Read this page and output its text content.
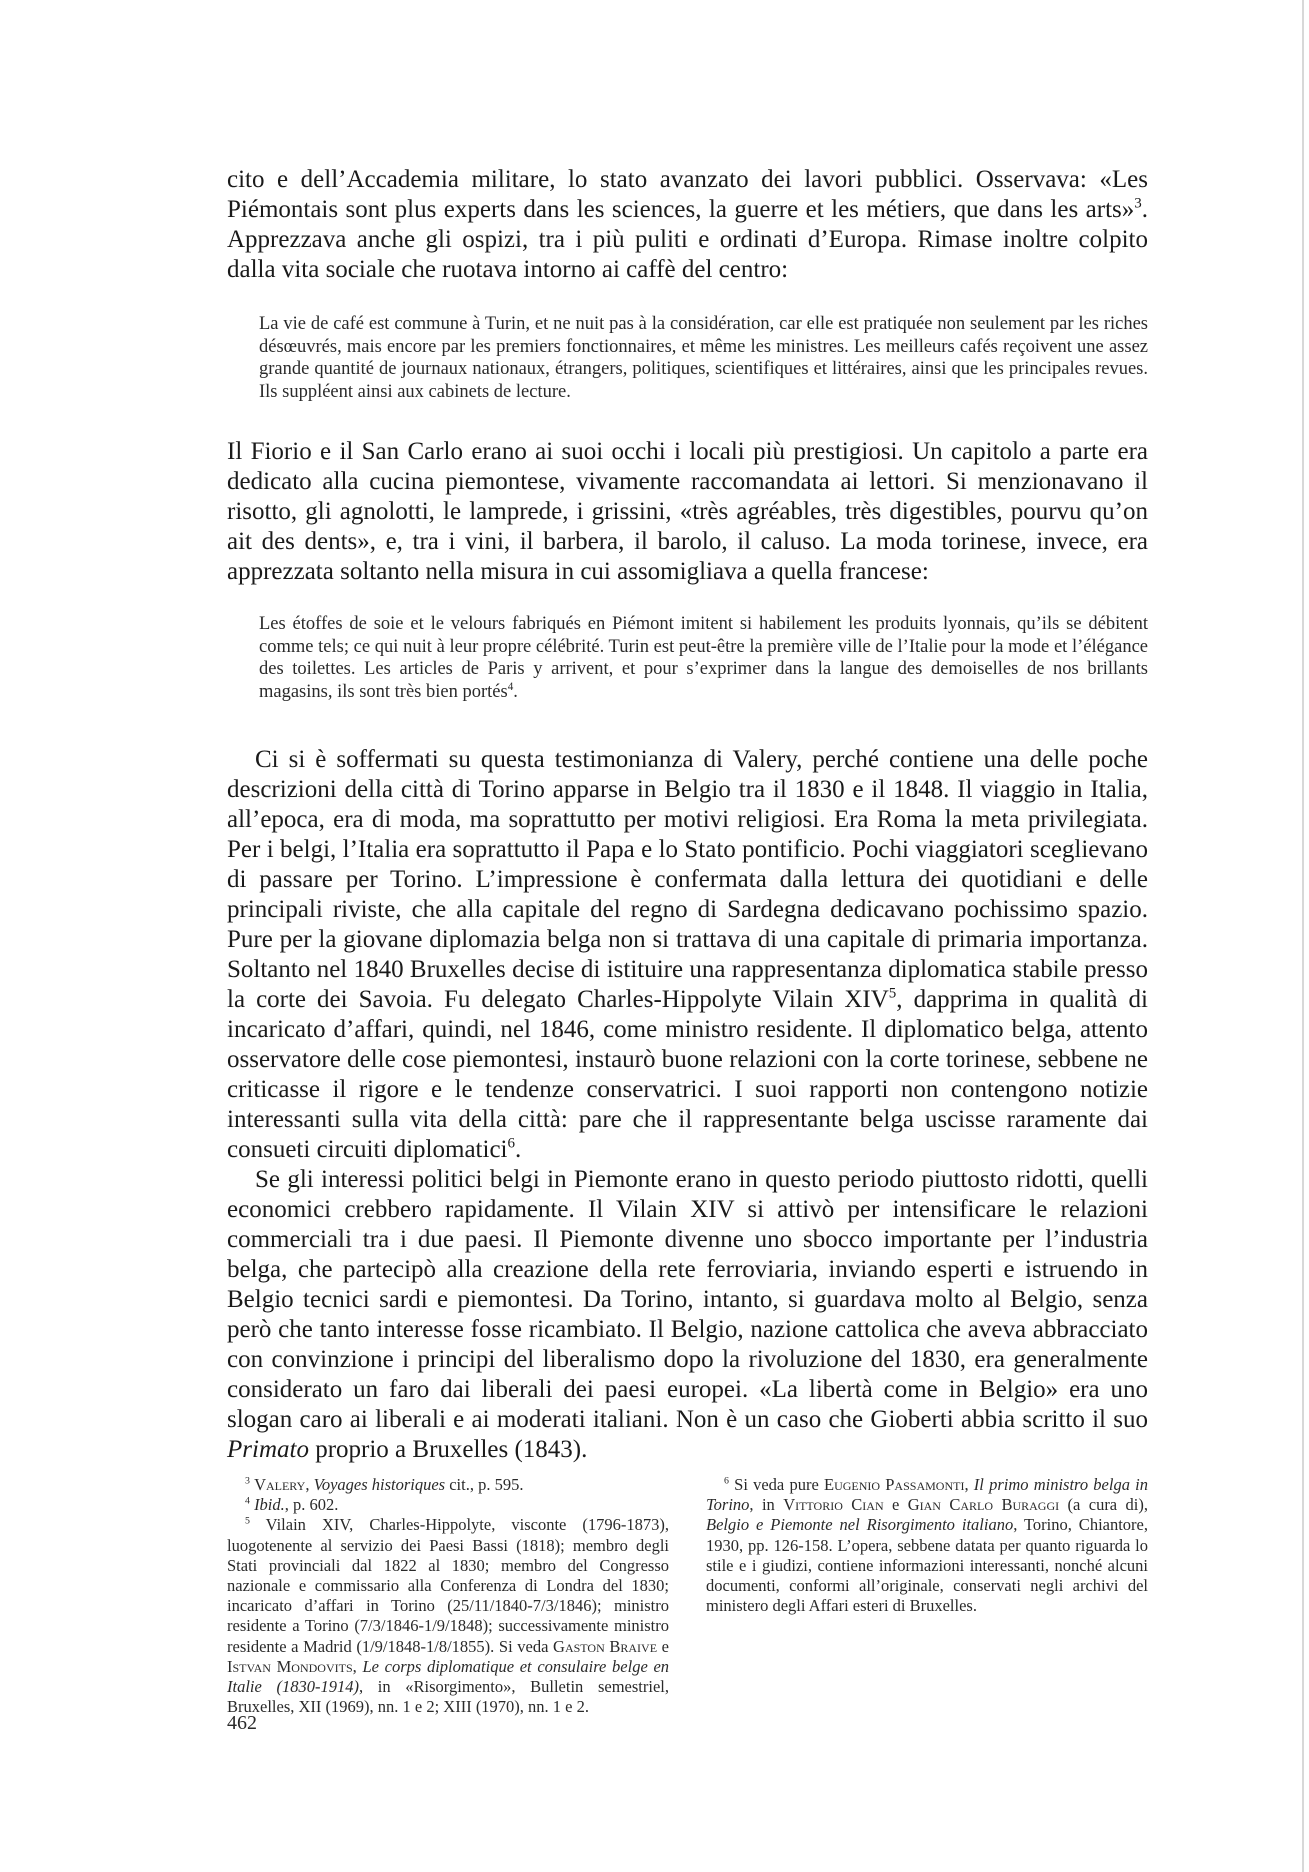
cito e dell’Accademia militare, lo stato avanzato dei lavori pubblici. Osservava: «Les Piémontais sont plus experts dans les sciences, la guerre et les métiers, que dans les arts»$^3$. Apprezzava anche gli ospizi, tra i più puliti e ordinati d’Europa. Rimase inoltre colpito dalla vita sociale che ruotava intorno ai caffè del centro:

La vie de café est commune à Turin, et ne nuit pas à la considération, car elle est pratiquée non seulement par les riches désœuvrés, mais encore par les premiers fonctionnaires, et même les ministres. Les meilleurs cafés reçoivent une assez grande quantité de journaux nationaux, étrangers, politiques, scientifiques et littéraires, ainsi que les principales revues. Ils suppléent ainsi aux cabinets de lecture.

Il Fiorio e il San Carlo erano ai suoi occhi i locali più prestigiosi. Un capitolo a parte era dedicato alla cucina piemontese, vivamente raccomandata ai lettori. Si menzionavano il risotto, gli agnolotti, le lamprede, i grissini, «très agréables, très digestibles, pourvu qu’on ait des dents», e, tra i vini, il barbera, il barolo, il caluso. La moda torinese, invece, era apprezzata soltanto nella misura in cui assomigliava a quella francese:

Les étoffes de soie et le velours fabriqués en Piémont imitent si habilement les produits lyonnais, qu’ils se débitent comme tels; ce qui nuit à leur propre célébrité. Turin est peut-être la première ville de l’Italie pour la mode et l’élégance des toilettes. Les articles de Paris y arrivent, et pour s’exprimer dans la langue des demoiselles de nos brillants magasins, ils sont très bien portés$^4$.

Ci si è soffermati su questa testimonianza di Valery, perché contiene una delle poche descrizioni della città di Torino apparse in Belgio tra il 1830 e il 1848. Il viaggio in Italia, all’epoca, era di moda, ma soprattutto per motivi religiosi. Era Roma la meta privilegiata. Per i belgi, l’Italia era soprattutto il Papa e lo Stato pontificio. Pochi viaggiatori sceglievano di passare per Torino. L’impressione è confermata dalla lettura dei quotidiani e delle principali riviste, che alla capitale del regno di Sardegna dedicavano pochissimo spazio. Pure per la giovane diplomazia belga non si trattava di una capitale di primaria importanza. Soltanto nel 1840 Bruxelles decise di istituire una rappresentanza diplomatica stabile presso la corte dei Savoia. Fu delegato Charles-Hippolyte Vilain XIV$^5$, dapprima in qualità di incaricato d’affari, quindi, nel 1846, come ministro residente. Il diplomatico belga, attento osservatore delle cose piemontesi, instaurò buone relazioni con la corte torinese, sebbene ne criticasse il rigore e le tendenze conservatrici. I suoi rapporti non contengono notizie interessanti sulla vita della città: pare che il rappresentante belga uscisse raramente dai consueti circuiti diplomatici$^6$.

Se gli interessi politici belgi in Piemonte erano in questo periodo piuttosto ridotti, quelli economici crebbero rapidamente. Il Vilain XIV si attivò per intensificare le relazioni commerciali tra i due paesi. Il Piemonte divenne uno sbocco importante per l’industria belga, che partecipò alla creazione della rete ferroviaria, inviando esperti e istruendo in Belgio tecnici sardi e piemontesi. Da Torino, intanto, si guardava molto al Belgio, senza però che tanto interesse fosse ricambiato. Il Belgio, nazione cattolica che aveva abbracciato con convinzione i principi del liberalismo dopo la rivoluzione del 1830, era generalmente considerato un faro dai liberali dei paesi europei. «La libertà come in Belgio» era uno slogan caro ai liberali e ai moderati italiani. Non è un caso che Gioberti abbia scritto il suo Primato proprio a Bruxelles (1843).

$^3$ Valery, Voyages historiques cit., p. 595.

$^4$ Ibid., p. 602.

$^5$ Vilain XIV, Charles-Hippolyte, visconte (1796-1873), luogotenente al servizio dei Paesi Bassi (1818); membro degli Stati provinciali dal 1822 al 1830; membro del Congresso nazionale e commissario alla Conferenza di Londra del 1830; incaricato d’affari in Torino (25/11/1840-7/3/1846); ministro residente a Torino (7/3/1846-1/9/1848); successivamente ministro residente a Madrid (1/9/1848-1/8/1855). Si veda Gaston Braive e Istvan Mondovits, Le corps diplomatique et consulaire belge en Italie (1830-1914), in «Risorgimento», Bulletin semestriel, Bruxelles, XII (1969), nn. 1 e 2; XIII (1970), nn. 1 e 2.

$^6$ Si veda pure Eugenio Passamonti, Il primo ministro belga in Torino, in Vittorio Cian e Gian Carlo Buraggi (a cura di), Belgio e Piemonte nel Risorgimento italiano, Torino, Chiantore, 1930, pp. 126-158. L’opera, sebbene datata per quanto riguarda lo stile e i giudizi, contiene informazioni interessanti, nonché alcuni documenti, conformi all’originale, conservati negli archivi del ministero degli Affari esteri di Bruxelles.

462
